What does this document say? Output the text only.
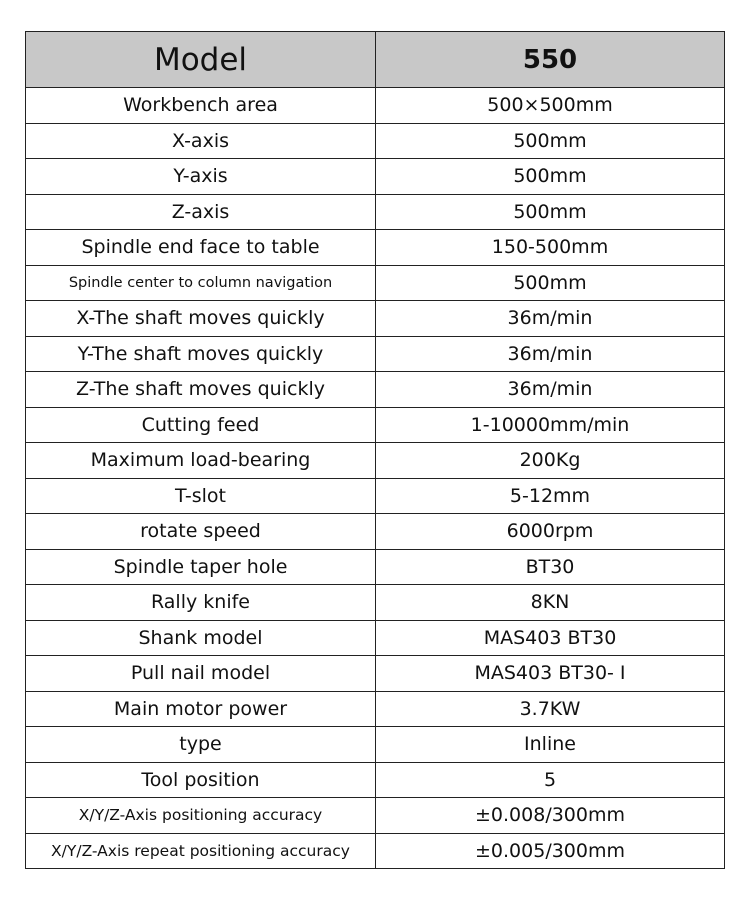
Model	550
Workbench area	500×500mm
X-axis	500mm
Y-axis	500mm
Z-axis	500mm
Spindle end face to table	150-500mm
Spindle center to column navigation	500mm
X-The shaft moves quickly	36m/min
Y-The shaft moves quickly	36m/min
Z-The shaft moves quickly	36m/min
Cutting feed	1-10000mm/min
Maximum load-bearing	200Kg
T-slot	5-12mm
rotate speed	6000rpm
Spindle taper hole	BT30
Rally knife	8KN
Shank model	MAS403 BT30
Pull nail model	MAS403 BT30- I
Main motor power	3.7KW
type	Inline
Tool position	5
X/Y/Z-Axis positioning accuracy	±0.008/300mm
X/Y/Z-Axis repeat positioning accuracy	±0.005/300mm
